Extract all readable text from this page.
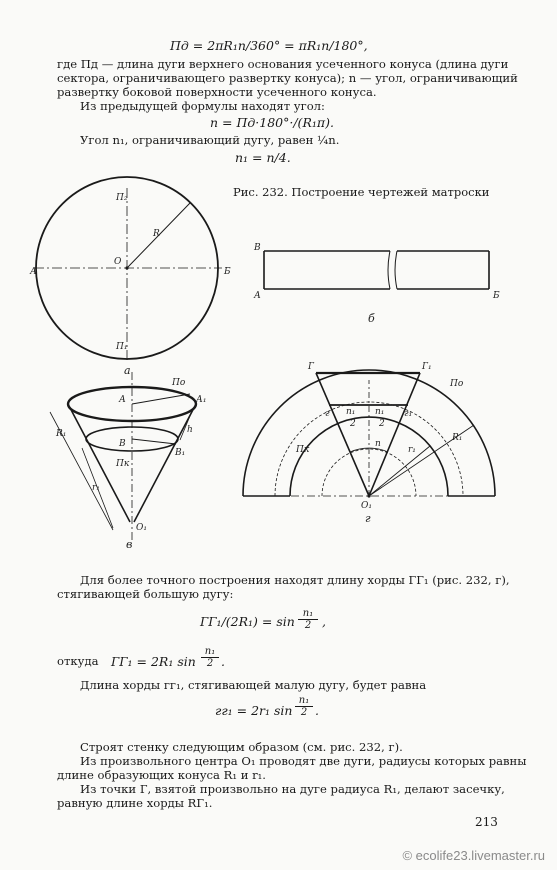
Пд = 2πR₁n/360° = πR₁n/180°,
где Пд — длина дуги верхнего основания усеченного конуса (длина дуги
сектора, ограничивающего развертку конуса); n — угол, ограничивающий
развертку боковой поверхности усеченного конуса.
Из предыдущей формулы находят угол:
n = Пд·180°·/(R₁π).
Угол n₁, ограничивающий дугу, равен ¼n.
n₁ = n/4.
Рис. 232. Построение чертежей матроски
П₂
О
R
А	Б
П₁
а
В
А	Б
б
По
А	А₁
R₁	h
В
В₁
Пк
r₁
О₁
в
Г	Г₁
По
г	г₁
n₁
2
n₁
2
n
Пк
R₁
r₁
О₁
г
Для более точного построения находят длину хорды ГГ₁ (рис. 232, г),
стягивающей большую дугу:
$ГГ_1/(2R_1) = \sin \frac{\text{n₁}}{2}$ ,
откуда ГГ₁ = 2R₁ $\sin \frac{\text{n₁}}{2}$ .
Длина хорды гг₁, стягивающей малую дугу, будет равна
гг₁ = 2r₁ $\sin \frac{\text{n₁}}{2}$ .
Строят стенку следующим образом (см. рис. 232, г).
Из произвольного центра О₁ проводят две дуги, радиусы которых равны
длине образующих конуса R₁ и r₁.
Из точки Г, взятой произвольно на дуге радиуса R₁, делают засечку,
равную длине хорды RГ₁.
213
© ecolife23.livemaster.ru
